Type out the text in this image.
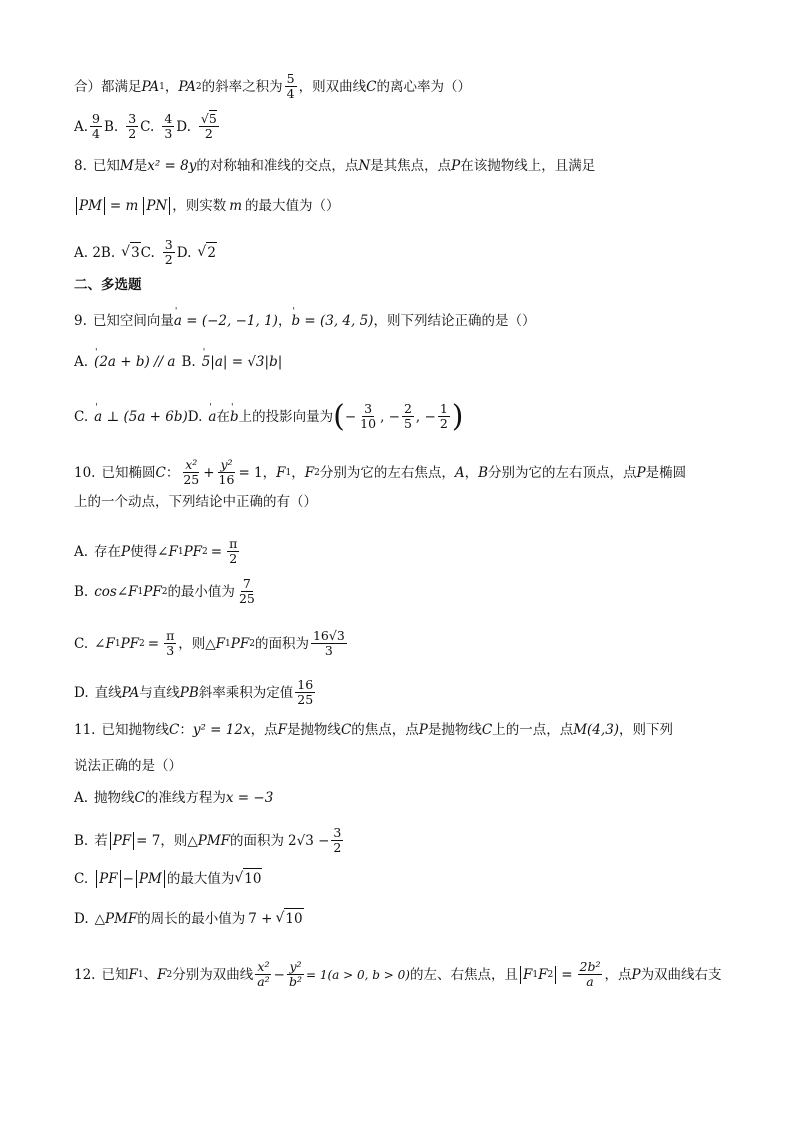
合）都满足 PA 1 ， PA 2 的斜率之积为 $\frac{5}{4}$ ，则双曲线 C 的离心率为（）
A. $\frac{9}{4} B$. $\frac{3}{2} C$. $\frac{4}{3} D$. $\frac{√5}{2}$
8. 已知 M 是 x² = 8y 的对称轴和准线的交点，点 N 是其焦点，点 P 在该抛物线上，且满足
PM = m PN ，则实数 m 的最大值为（）
A. 2B. √ 3 C. $\frac{3}{2} D$. √ 2
二、多选题
9. 已知空间向量 ' a = (−2, −1, 1) ， ' b = (3, 4, 5) ，则下列结论正确的是（）
A. ' (2a + b) // a B. ' 5|a| = √3|b|
C. ' a ⊥ (5a + 6b) D. ' a 在 ' b 上的投影向量为 ( − $\frac{3}{10}$ , − $\frac{2}{5}$ , − $\frac{1}{2}$ )
10. 已知椭圆 C ： $\frac{\text{x²}}{25} + \frac{\text{y²}}{16} = 1$ ， F 1 ， F 2 分别为它的左右焦点， A ， B 分别为它的左右顶点，点 P 是椭圆
上的一个动点，下列结论中正确的有（）
A. 存在 P 使得 ∠F 1 PF $2 = \frac{\pi}{2}$
B. cos∠F 1 PF 2 的最小值为 $\frac{7}{25}$
C. ∠F 1 PF $2 = \frac{\pi}{3}$ ，则 △F 1 PF 2 的面积为 $\frac{16√3}{3}$
D. 直线 PA 与直线 PB 斜率乘积为定值 $\frac{16}{25}$
11. 已知抛物线 C ： y² = 12x ，点 F 是抛物线 C 的焦点，点 P 是抛物线 C 上的一点，点 M(4,3) ，则下列
说法正确的是（）
A. 抛物线 C 的准线方程为 x = −3
B. 若 PF = 7 ，则 △PMF 的面积为 $2√3 - \frac{3}{2}$
C. PF − PM 的最大值为 √ 10
D. △PMF 的周长的最小值为 7 + √ 10
12. 已知 F 1 、 F 2 分别为双曲线 $\frac{\text{x²}}{\text{a²}} - \frac{\text{y²}}{\text{b²}} = 1(a > 0$, b > 0) 的左、右焦点，且 F 1 F $2 = \frac{\text{2b²}}{a}$ ，点 P 为双曲线右支
